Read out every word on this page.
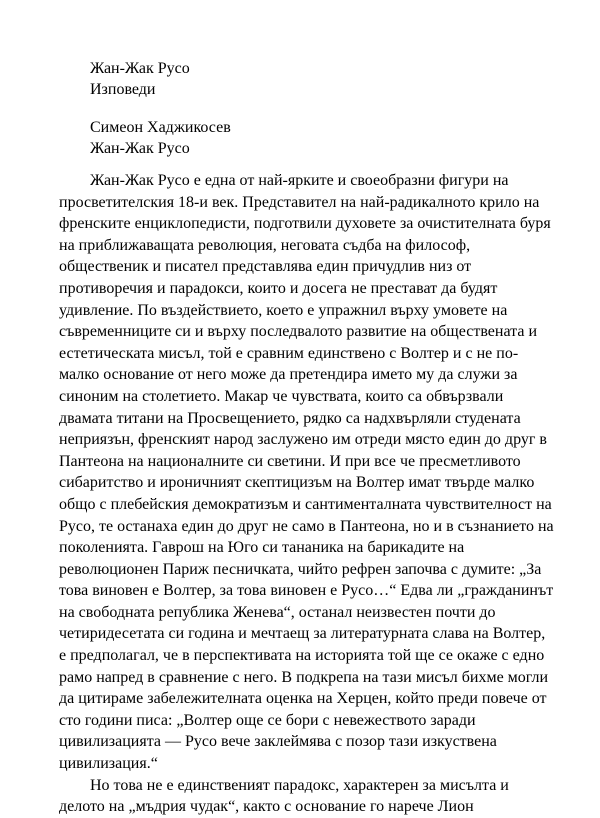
Жан-Жак Русо
Изповеди
Симеон Хаджикосев
Жан-Жак Русо
Жан-Жак Русо е една от най-ярките и своеобразни фигури на
просветителския 18-и век. Представител на най-радикалното крило на
френските енциклопедисти, подготвили духовете за очистителната буря
на приближаващата революция, неговата съдба на философ,
общественик и писател представлява един причудлив низ от
противоречия и парадокси, които и досега не престават да будят
удивление. По въздействието, което е упражнил върху умовете на
съвременниците си и върху последвалото развитие на обществената и
естетическата мисъл, той е сравним единствено с Волтер и с не по-
малко основание от него може да претендира името му да служи за
синоним на столетието. Макар че чувствата, които са обвързвали
двамата титани на Просвещението, рядко са надхвърляли студената
неприязън, френският народ заслужено им отреди място един до друг в
Пантеона на националните си светини. И при все че пресметливото
сибаритство и ироничният скептицизъм на Волтер имат твърде малко
общо с плебейския демократизъм и сантименталната чувствителност на
Русо, те останаха един до друг не само в Пантеона, но и в съзнанието на
поколенията. Гаврош на Юго си тананика на барикадите на
революционен Париж песничката, чийто рефрен започва с думите: „За
това виновен е Волтер, за това виновен е Русо…“ Едва ли „гражданинът
на свободната република Женева“, останал неизвестен почти до
четиридесетата си година и мечтаещ за литературната слава на Волтер,
е предполагал, че в перспективата на историята той ще се окаже с едно
рамо напред в сравнение с него. В подкрепа на тази мисъл бихме могли
да цитираме забележителната оценка на Херцен, който преди повече от
сто години писа: „Волтер още се бори с невежеството заради
цивилизацията — Русо вече заклеймява с позор тази изкуствена
цивилизация.“
Но това не е единственият парадокс, характерен за мисълта и
делото на „мъдрия чудак“, както с основание го нарече Лион
